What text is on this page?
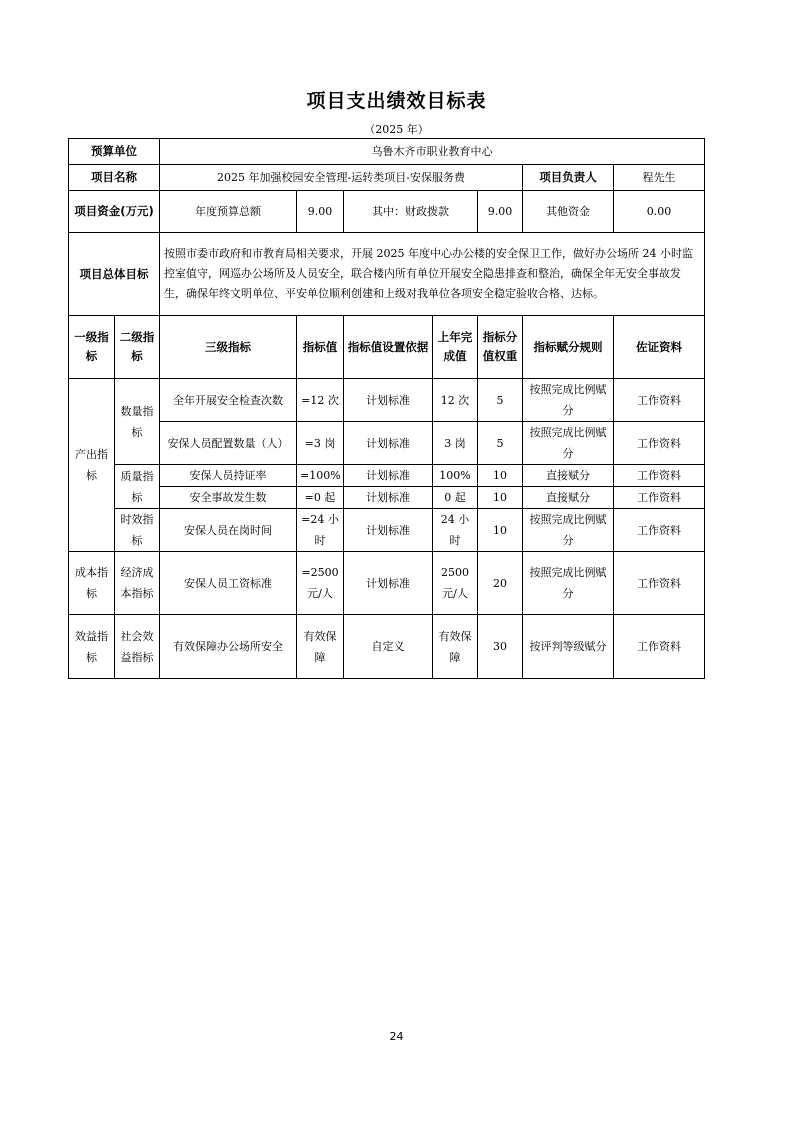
项目支出绩效目标表
（2025 年）
预算单位		乌鲁木齐市职业教育中心						
项目名称		2025 年加强校园安全管理-运转类项目-安保服务费					项目负责人	程先生
项目资金(万元)		年度预算总额	9.00	其中：财政拨款		9.00	其他资金	0.00
项目总体目标		按照市委市政府和市教育局相关要求，开展 2025 年度中心办公楼的安全保卫工作，做好办公场所 24 小时监控室值守，网巡办公场所及人员安全，联合楼内所有单位开展安全隐患排查和整治，确保全年无安全事故发生，确保年终文明单位、平安单位顺利创建和上级对我单位各项安全稳定验收合格、达标。						
一级指标	二级指标	三级指标	指标值	指标值设置依据	上年完成值	指标分值权重	指标赋分规则	佐证资料
产出指标	数量指标	全年开展安全检查次数	=12 次	计划标准	12 次	5	按照完成比例赋分	工作资料
		安保人员配置数量（人）	=3 岗	计划标准	3 岗	5	按照完成比例赋分	工作资料
	质量指标	安保人员持证率	=100%	计划标准	100%	10	直接赋分	工作资料
		安全事故发生数	=0 起	计划标准	0 起	10	直接赋分	工作资料
	时效指标	安保人员在岗时间	=24 小时	计划标准	24 小时	10	按照完成比例赋分	工作资料
成本指标	经济成本指标	安保人员工资标准	=2500 元/人	计划标准	2500 元/人	20	按照完成比例赋分	工作资料
效益指标	社会效益指标	有效保障办公场所安全	有效保障	自定义	有效保障	30	按评判等级赋分	工作资料
24
